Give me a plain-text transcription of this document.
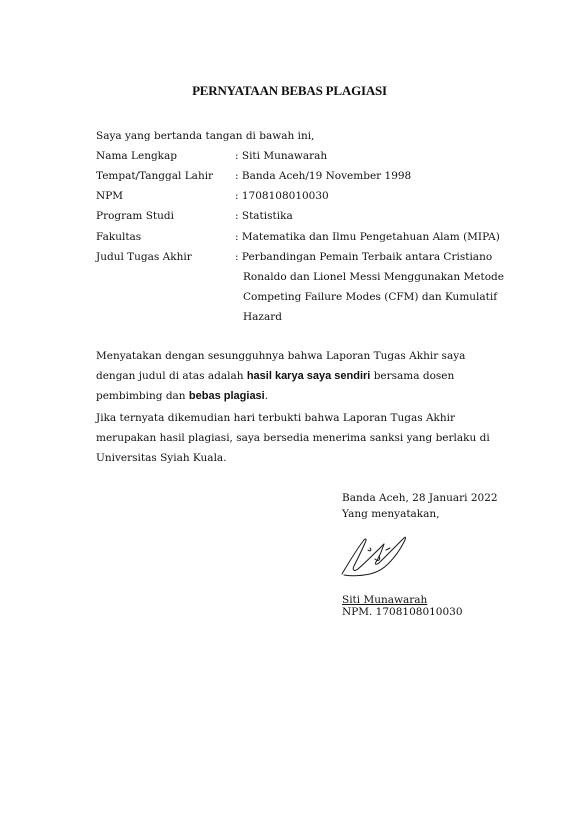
PERNYATAAN BEBAS PLAGIASI
Saya yang bertanda tangan di bawah ini,
Nama Lengkap	: Siti Munawarah
Tempat/Tanggal Lahir : Banda Aceh/19 November 1998
NPM	: 1708108010030
Program Studi	: Statistika
Fakultas	: Matematika dan Ilmu Pengetahuan Alam (MIPA)
Judul Tugas Akhir	: Perbandingan Pemain Terbaik antara Cristiano
Ronaldo dan Lionel Messi Menggunakan Metode
Competing Failure Modes (CFM) dan Kumulatif
Hazard
Menyatakan dengan sesungguhnya bahwa Laporan Tugas Akhir saya dengan judul di atas adalah hasil karya saya sendiri bersama dosen pembimbing dan bebas plagiasi.
Jika ternyata dikemudian hari terbukti bahwa Laporan Tugas Akhir merupakan hasil plagiasi, saya bersedia menerima sanksi yang berlaku di Universitas Syiah Kuala.
Banda Aceh, 28 Januari 2022
Yang menyatakan,
Siti Munawarah
NPM. 1708108010030
